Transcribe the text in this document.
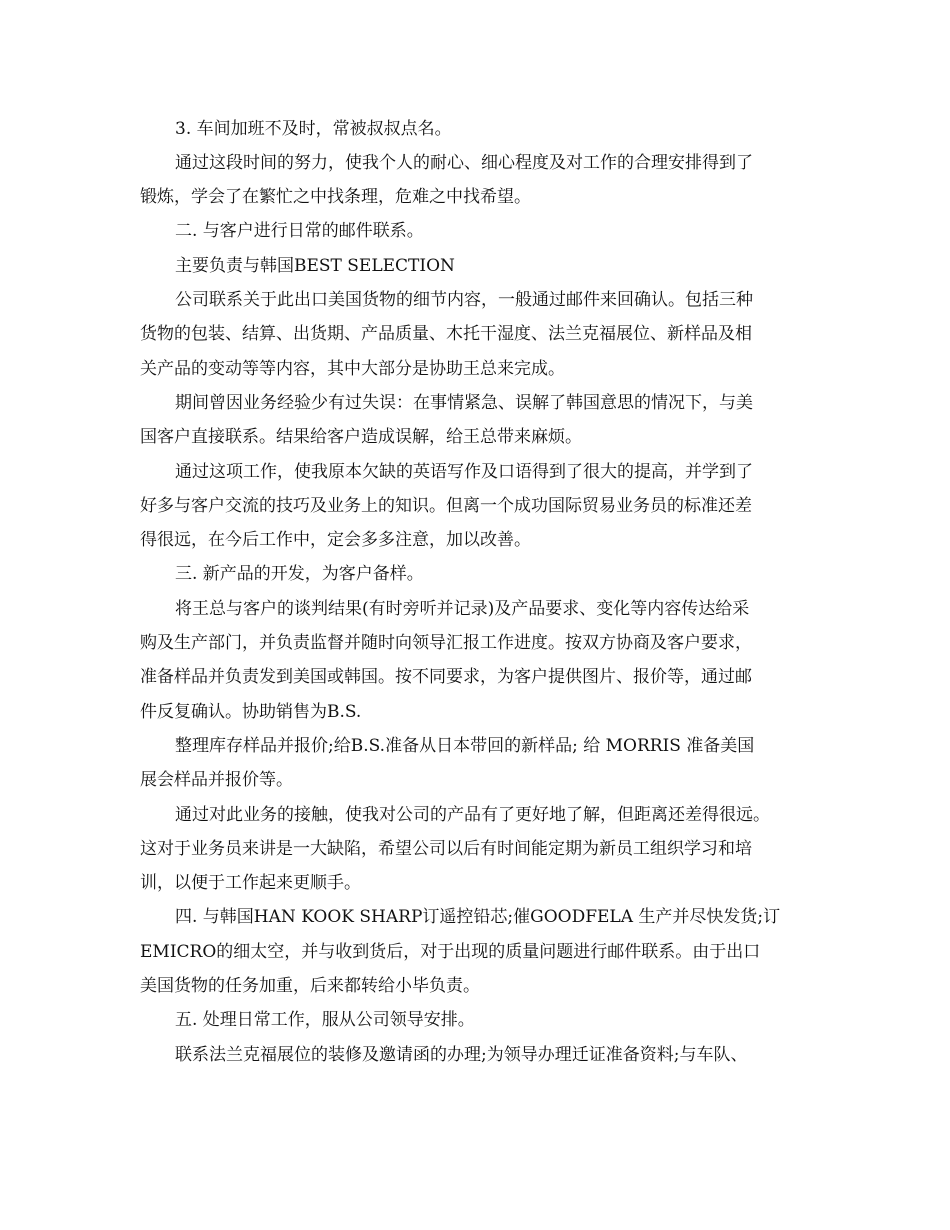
3. 车间加班不及时，常被叔叔点名。
通过这段时间的努力，使我个人的耐心、细心程度及对工作的合理安排得到了
锻炼，学会了在繁忙之中找条理，危难之中找希望。
二. 与客户进行日常的邮件联系。
主要负责与韩国BEST SELECTION
公司联系关于此出口美国货物的细节内容，一般通过邮件来回确认。包括三种
货物的包装、结算、出货期、产品质量、木托干湿度、法兰克福展位、新样品及相
关产品的变动等等内容，其中大部分是协助王总来完成。
期间曾因业务经验少有过失误：在事情紧急、误解了韩国意思的情况下，与美
国客户直接联系。结果给客户造成误解，给王总带来麻烦。
通过这项工作，使我原本欠缺的英语写作及口语得到了很大的提高，并学到了
好多与客户交流的技巧及业务上的知识。但离一个成功国际贸易业务员的标准还差
得很远，在今后工作中，定会多多注意，加以改善。
三. 新产品的开发，为客户备样。
将王总与客户的谈判结果(有时旁听并记录)及产品要求、变化等内容传达给采
购及生产部门，并负责监督并随时向领导汇报工作进度。按双方协商及客户要求，
准备样品并负责发到美国或韩国。按不同要求，为客户提供图片、报价等，通过邮
件反复确认。协助销售为B.S.
整理库存样品并报价;给B.S.准备从日本带回的新样品; 给 MORRIS 准备美国
展会样品并报价等。
通过对此业务的接触，使我对公司的产品有了更好地了解，但距离还差得很远。
这对于业务员来讲是一大缺陷，希望公司以后有时间能定期为新员工组织学习和培
训，以便于工作起来更顺手。
四. 与韩国HAN KOOK SHARP订遥控铅芯;催GOODFELA 生产并尽快发货;订
EMICRO的细太空，并与收到货后，对于出现的质量问题进行邮件联系。由于出口
美国货物的任务加重，后来都转给小毕负责。
五. 处理日常工作，服从公司领导安排。
联系法兰克福展位的装修及邀请函的办理;为领导办理迁证准备资料;与车队、
